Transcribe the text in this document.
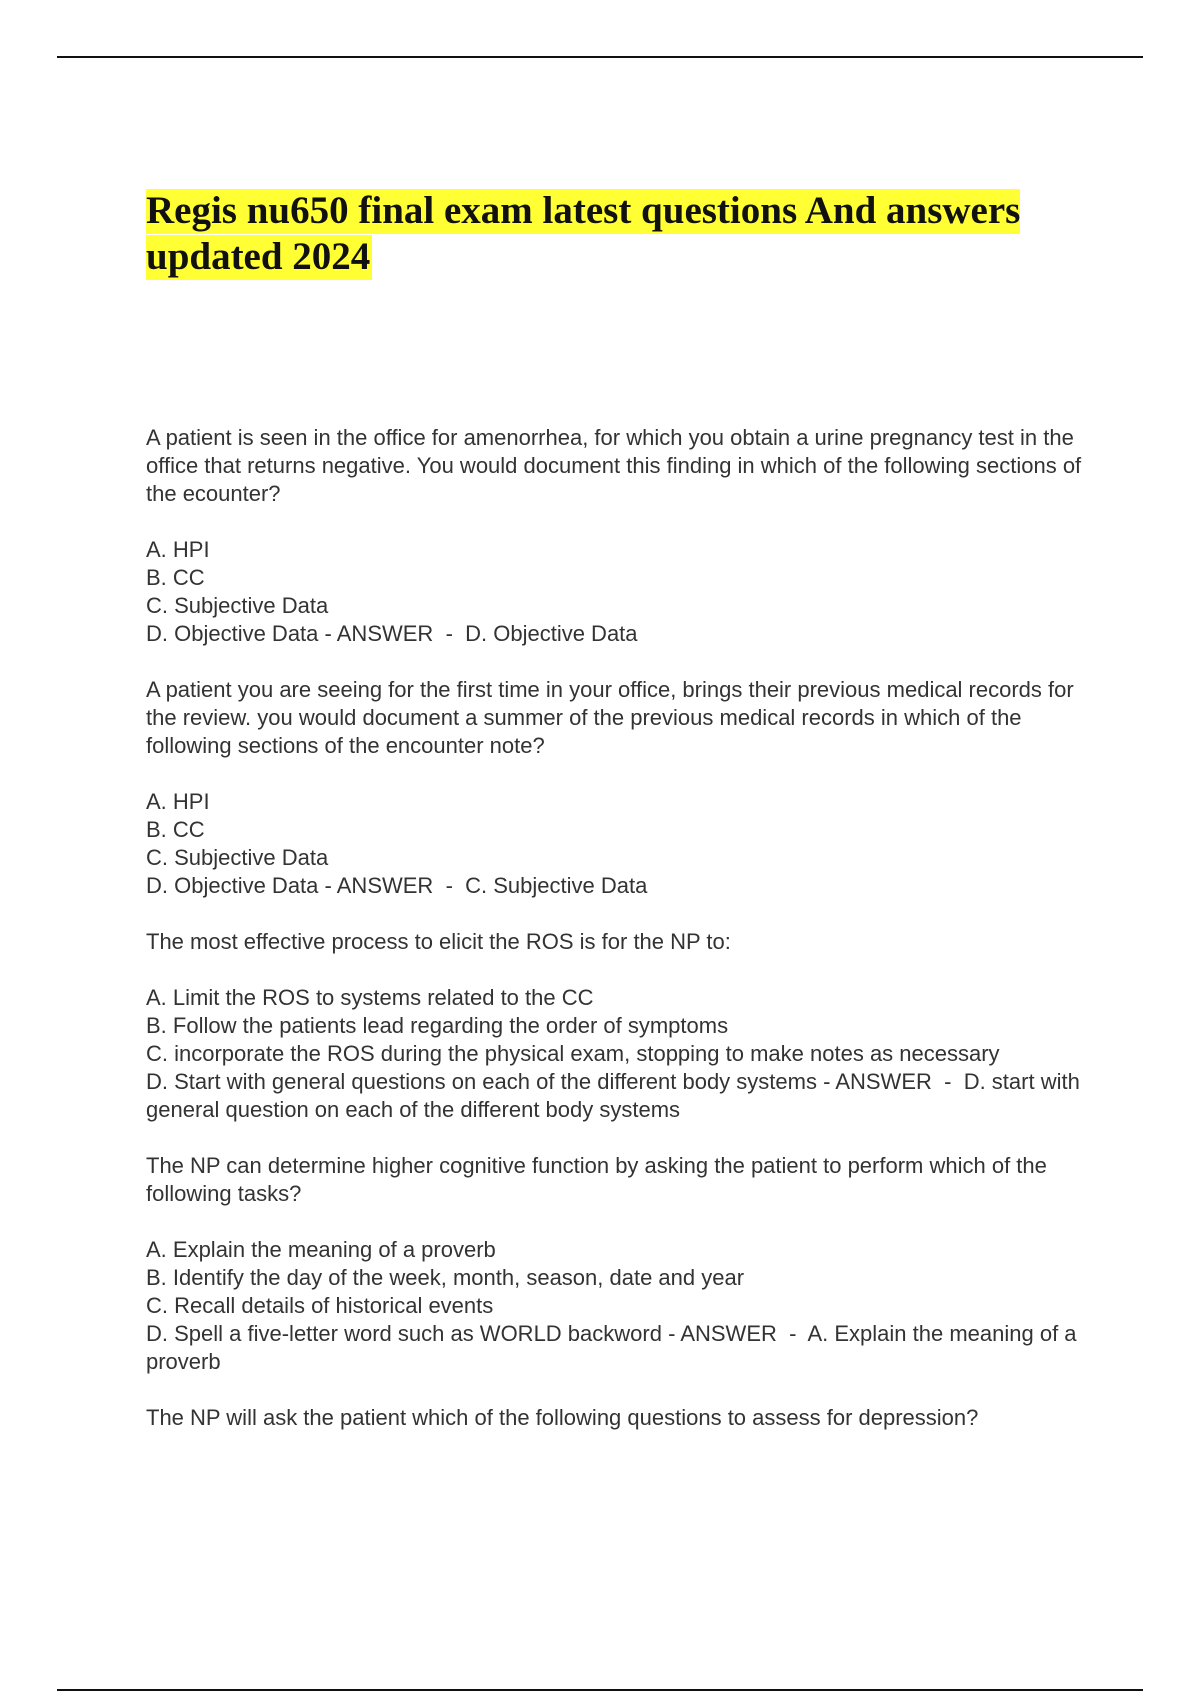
Regis nu650 final exam latest questions And answers updated 2024

A patient is seen in the office for amenorrhea, for which you obtain a urine pregnancy test in the office that returns negative. You would document this finding in which of the following sections of the ecounter?

A. HPI
B. CC
C. Subjective Data
D. Objective Data - ANSWER  -  D. Objective Data

A patient you are seeing for the first time in your office, brings their previous medical records for the review. you would document a summer of the previous medical records in which of the following sections of the encounter note?

A. HPI
B. CC
C. Subjective Data
D. Objective Data - ANSWER  -  C. Subjective Data

The most effective process to elicit the ROS is for the NP to:

A. Limit the ROS to systems related to the CC
B. Follow the patients lead regarding the order of symptoms
C. incorporate the ROS during the physical exam, stopping to make notes as necessary
D. Start with general questions on each of the different body systems - ANSWER  -  D. start with general question on each of the different body systems

The NP can determine higher cognitive function by asking the patient to perform which of the following tasks?

A. Explain the meaning of a proverb
B. Identify the day of the week, month, season, date and year
C. Recall details of historical events
D. Spell a five-letter word such as WORLD backword - ANSWER  -  A. Explain the meaning of a proverb

The NP will ask the patient which of the following questions to assess for depression?
